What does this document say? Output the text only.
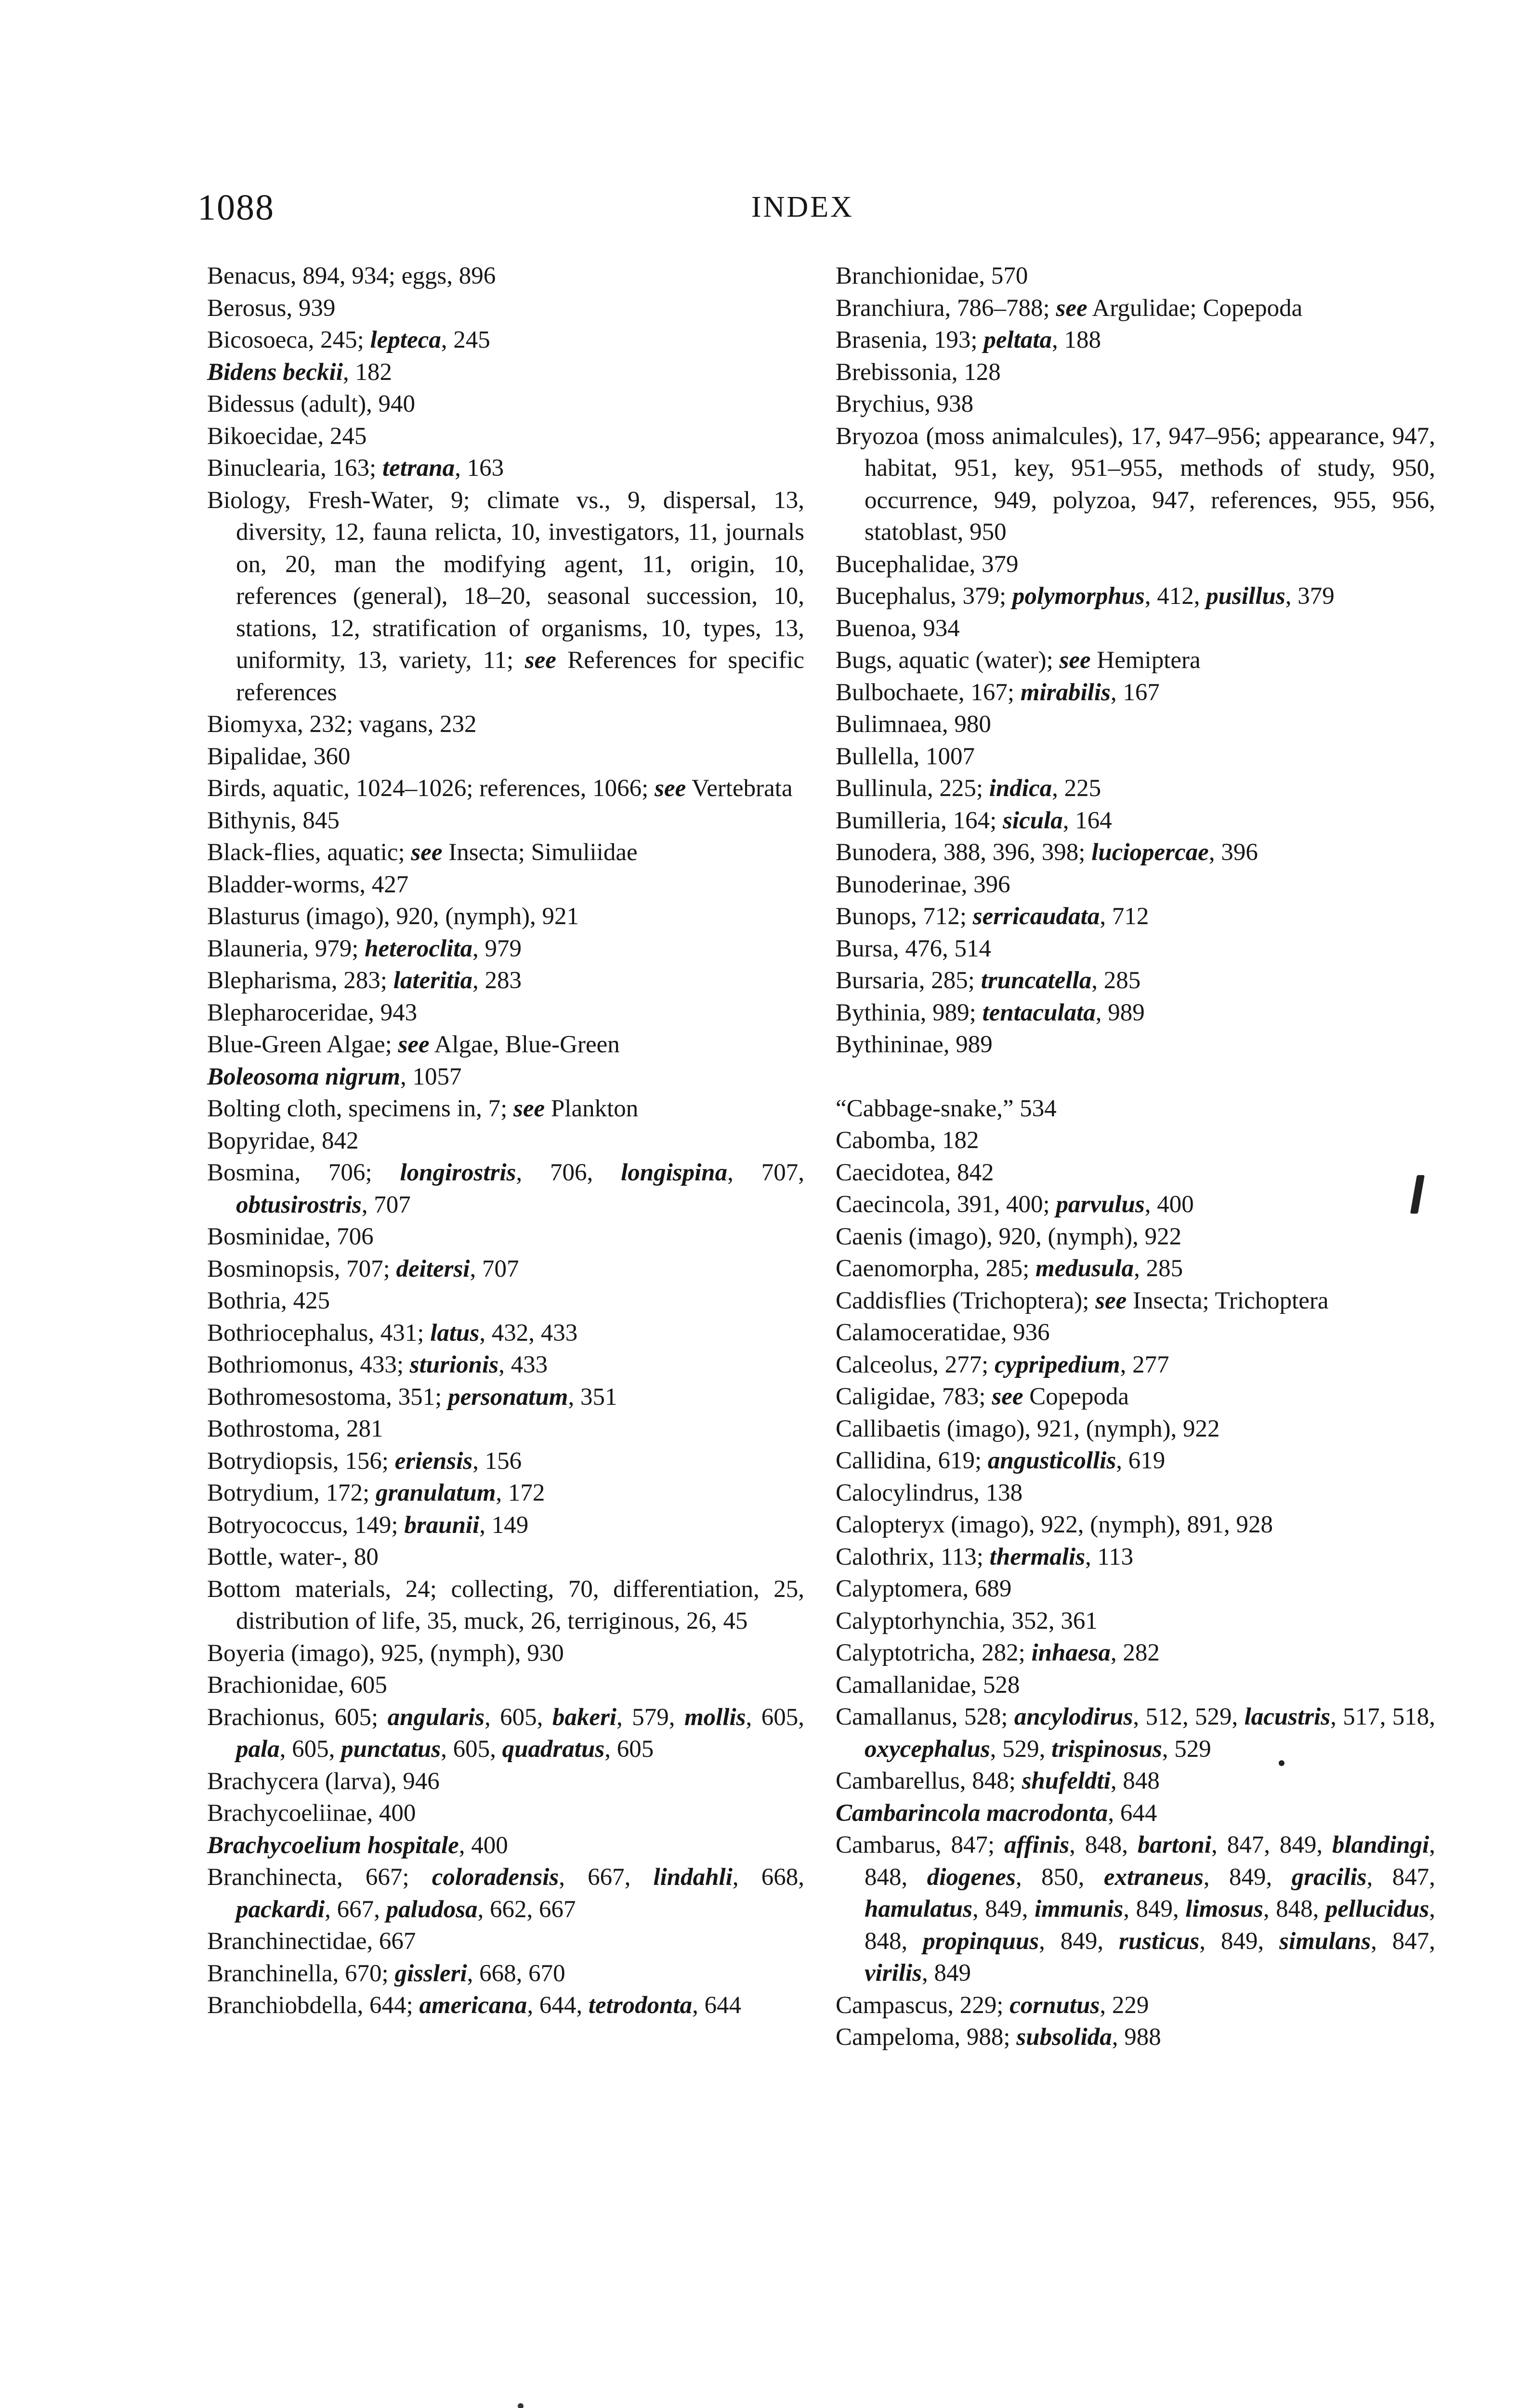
1088	INDEX
Benacus, 894, 934; eggs, 896
Berosus, 939
Bicosoeca, 245; lepteca, 245
Bidens beckii, 182
Bidessus (adult), 940
Bikoecidae, 245
Binuclearia, 163; tetrana, 163
Biology, Fresh-Water, 9; climate vs., 9, dispersal, 13, diversity, 12, fauna relicta, 10, investigators, 11, journals on, 20, man the modifying agent, 11, origin, 10, references (general), 18–20, seasonal succession, 10, stations, 12, stratification of organisms, 10, types, 13, uniformity, 13, variety, 11; see References for specific references
Biomyxa, 232; vagans, 232
Bipalidae, 360
Birds, aquatic, 1024–1026; references, 1066; see Vertebrata
Bithynis, 845
Black-flies, aquatic; see Insecta; Simuliidae
Bladder-worms, 427
Blasturus (imago), 920, (nymph), 921
Blauneria, 979; heteroclita, 979
Blepharisma, 283; lateritia, 283
Blepharoceridae, 943
Blue-Green Algae; see Algae, Blue-Green
Boleosoma nigrum, 1057
Bolting cloth, specimens in, 7; see Plankton
Bopyridae, 842
Bosmina, 706; longirostris, 706, longispina, 707, obtusirostris, 707
Bosminidae, 706
Bosminopsis, 707; deitersi, 707
Bothria, 425
Bothriocephalus, 431; latus, 432, 433
Bothriomonus, 433; sturionis, 433
Bothromesostoma, 351; personatum, 351
Bothrostoma, 281
Botrydiopsis, 156; eriensis, 156
Botrydium, 172; granulatum, 172
Botryococcus, 149; braunii, 149
Bottle, water-, 80
Bottom materials, 24; collecting, 70, differentiation, 25, distribution of life, 35, muck, 26, terriginous, 26, 45
Boyeria (imago), 925, (nymph), 930
Brachionidae, 605
Brachionus, 605; angularis, 605, bakeri, 579, mollis, 605, pala, 605, punctatus, 605, quadratus, 605
Brachycera (larva), 946
Brachycoeliinae, 400
Brachycoelium hospitale, 400
Branchinecta, 667; coloradensis, 667, lindahli, 668, packardi, 667, paludosa, 662, 667
Branchinectidae, 667
Branchinella, 670; gissleri, 668, 670
Branchiobdella, 644; americana, 644, tetrodonta, 644
Branchionidae, 570
Branchiura, 786–788; see Argulidae; Copepoda
Brasenia, 193; peltata, 188
Brebissonia, 128
Brychius, 938
Bryozoa (moss animalcules), 17, 947–956; appearance, 947, habitat, 951, key, 951–955, methods of study, 950, occurrence, 949, polyzoa, 947, references, 955, 956, statoblast, 950
Bucephalidae, 379
Bucephalus, 379; polymorphus, 412, pusillus, 379
Buenoa, 934
Bugs, aquatic (water); see Hemiptera
Bulbochaete, 167; mirabilis, 167
Bulimnaea, 980
Bullella, 1007
Bullinula, 225; indica, 225
Bumilleria, 164; sicula, 164
Bunodera, 388, 396, 398; luciopercae, 396
Bunoderinae, 396
Bunops, 712; serricaudata, 712
Bursa, 476, 514
Bursaria, 285; truncatella, 285
Bythinia, 989; tentaculata, 989
Bythininae, 989
“Cabbage-snake,” 534
Cabomba, 182
Caecidotea, 842
Caecincola, 391, 400; parvulus, 400
Caenis (imago), 920, (nymph), 922
Caenomorpha, 285; medusula, 285
Caddisflies (Trichoptera); see Insecta; Trichoptera
Calamoceratidae, 936
Calceolus, 277; cypripedium, 277
Caligidae, 783; see Copepoda
Callibaetis (imago), 921, (nymph), 922
Callidina, 619; angusticollis, 619
Calocylindrus, 138
Calopteryx (imago), 922, (nymph), 891, 928
Calothrix, 113; thermalis, 113
Calyptomera, 689
Calyptorhynchia, 352, 361
Calyptotricha, 282; inhaesa, 282
Camallanidae, 528
Camallanus, 528; ancylodirus, 512, 529, lacustris, 517, 518, oxycephalus, 529, trispinosus, 529
Cambarellus, 848; shufeldti, 848
Cambarincola macrodonta, 644
Cambarus, 847; affinis, 848, bartoni, 847, 849, blandingi, 848, diogenes, 850, extraneus, 849, gracilis, 847, hamulatus, 849, immunis, 849, limosus, 848, pellucidus, 848, propinquus, 849, rusticus, 849, simulans, 847, virilis, 849
Campascus, 229; cornutus, 229
Campeloma, 988; subsolida, 988
